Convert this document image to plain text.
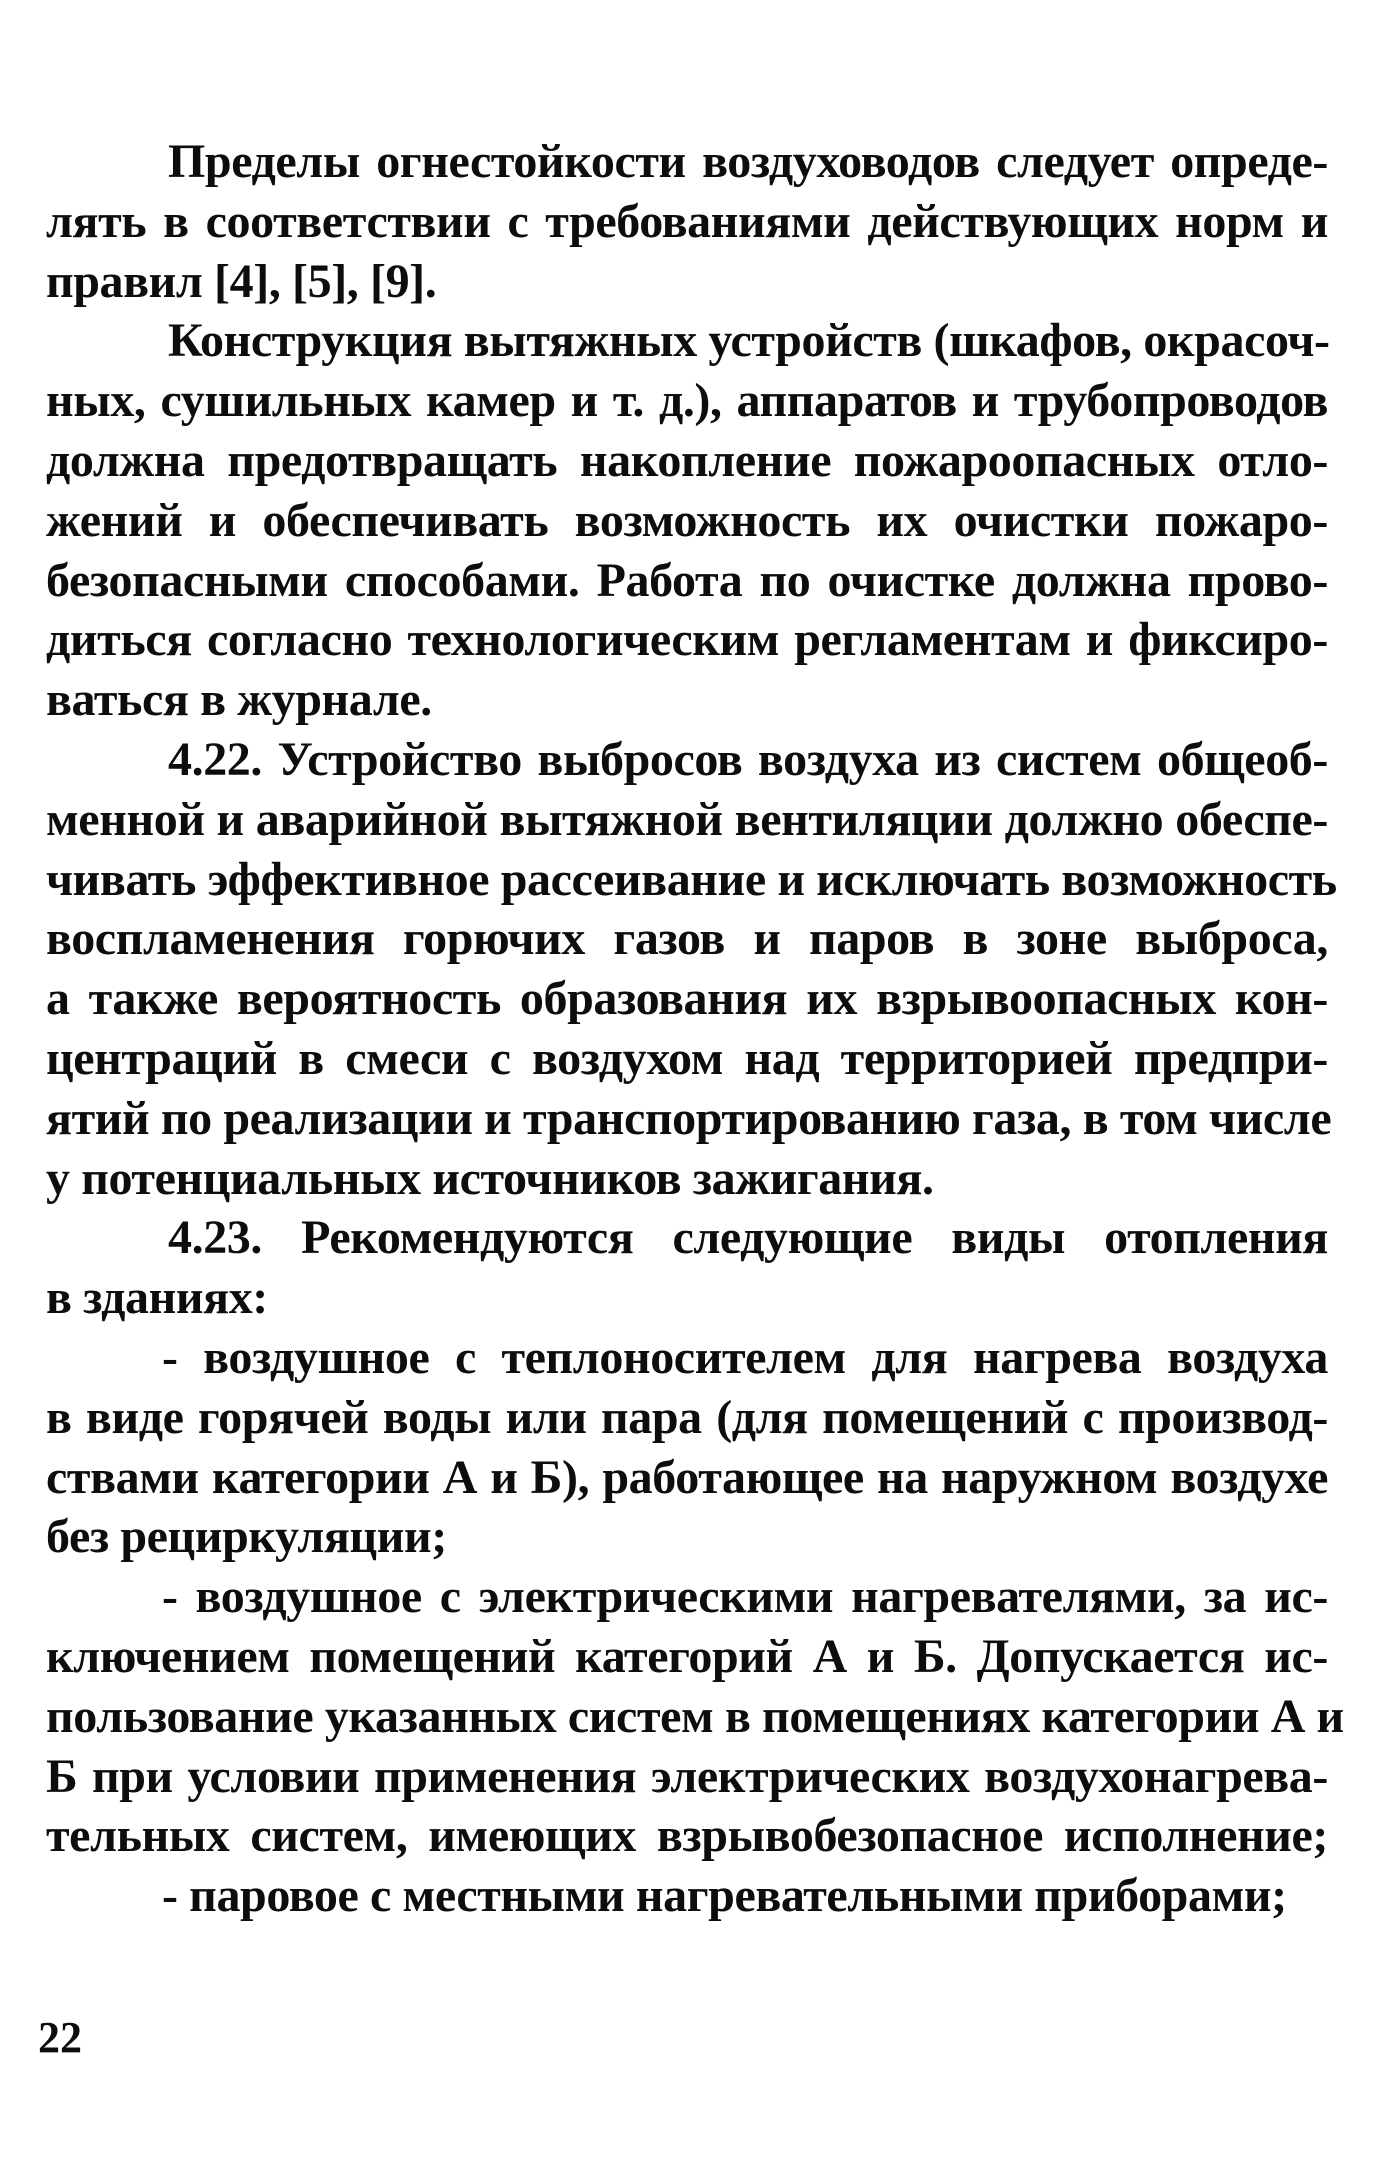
Пределы огнестойкости воздуховодов следует опреде-
лять в соответствии с требованиями действующих норм и
правил [4], [5], [9].
Конструкция вытяжных устройств (шкафов, окрасоч-
ных, сушильных камер и т. д.), аппаратов и трубопроводов
должна предотвращать накопление пожароопасных отло-
жений и обеспечивать возможность их очистки пожаро-
безопасными способами. Работа по очистке должна прово-
диться согласно технологическим регламентам и фиксиро-
ваться в журнале.
4.22. Устройство выбросов воздуха из систем общеоб-
менной и аварийной вытяжной вентиляции должно обеспе-
чивать эффективное рассеивание и исключать возможность
воспламенения горючих газов и паров в зоне выброса,
а также вероятность образования их взрывоопасных кон-
центраций в смеси с воздухом над территорией предпри-
ятий по реализации и транспортированию газа, в том числе
у потенциальных источников зажигания.
4.23. Рекомендуются следующие виды отопления
в зданиях:
- воздушное с теплоносителем для нагрева воздуха
в виде горячей воды или пара (для помещений с производ-
ствами категории А и Б), работающее на наружном воздухе
без рециркуляции;
- воздушное с электрическими нагревателями, за ис-
ключением помещений категорий А и Б. Допускается ис-
пользование указанных систем в помещениях категории А и
Б при условии применения электрических воздухонагрева-
тельных систем, имеющих взрывобезопасное исполнение;
- паровое с местными нагревательными приборами;
22
